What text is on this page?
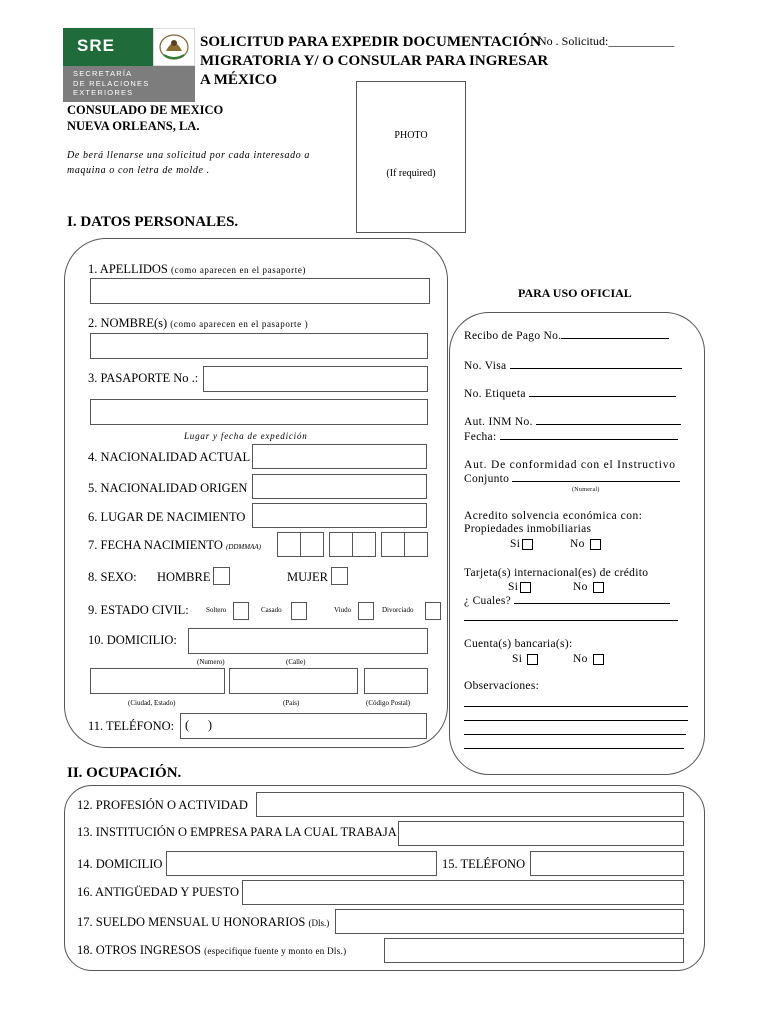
SRE
SECRETARÍA
DE RELACIONES
EXTERIORES
SOLICITUD PARA EXPEDIR DOCUMENTACIÓN
MIGRATORIA Y/ O CONSULAR PARA INGRESAR
A MÉXICO
No . Solicitud:___________
CONSULADO DE MEXICO
NUEVA ORLEANS, LA.
De berá llenarse una solicitud por cada interesado a
maquina o con letra de molde .
PHOTO
(If required)
I. DATOS PERSONALES.
1. APELLIDOS (como aparecen en el pasaporte)
2. NOMBRE(s) (como aparecen en el pasaporte )
3. PASAPORTE No .:
Lugar y fecha de expedición
4. NACIONALIDAD ACTUAL
5. NACIONALIDAD ORIGEN
6. LUGAR DE NACIMIENTO
7. FECHA NACIMIENTO (DDMMAA)
8. SEXO: HOMBRE	MUJER
9. ESTADO CIVIL: Soltero	Casado	Viudo	Divorciado
10. DOMICILIO:
(Numero)	(Calle)
(Ciudad, Estado)	(Pais)	(Código Postal)
11. TELÉFONO: (      )
PARA USO OFICIAL
Recibo de Pago No.
No. Visa
No. Etiqueta
Aut. INM No.
Fecha:
Aut. De conformidad con el Instructivo
Conjunto
(Numeral)
Acredito solvencia económica con:
Propiedades inmobiliarias
Si	No
Tarjeta(s) internacional(es) de crédito
Si	No
¿ Cuales?
Cuenta(s) bancaria(s):
Si	No
Observaciones:
II. OCUPACIÓN.
12. PROFESIÓN O ACTIVIDAD
13. INSTITUCIÓN O EMPRESA PARA LA CUAL TRABAJA
14. DOMICILIO	15. TELÉFONO
16. ANTIGÜEDAD Y PUESTO
17. SUELDO MENSUAL U HONORARIOS (Dls.)
18. OTROS INGRESOS (especifique fuente y monto en Dls.)
